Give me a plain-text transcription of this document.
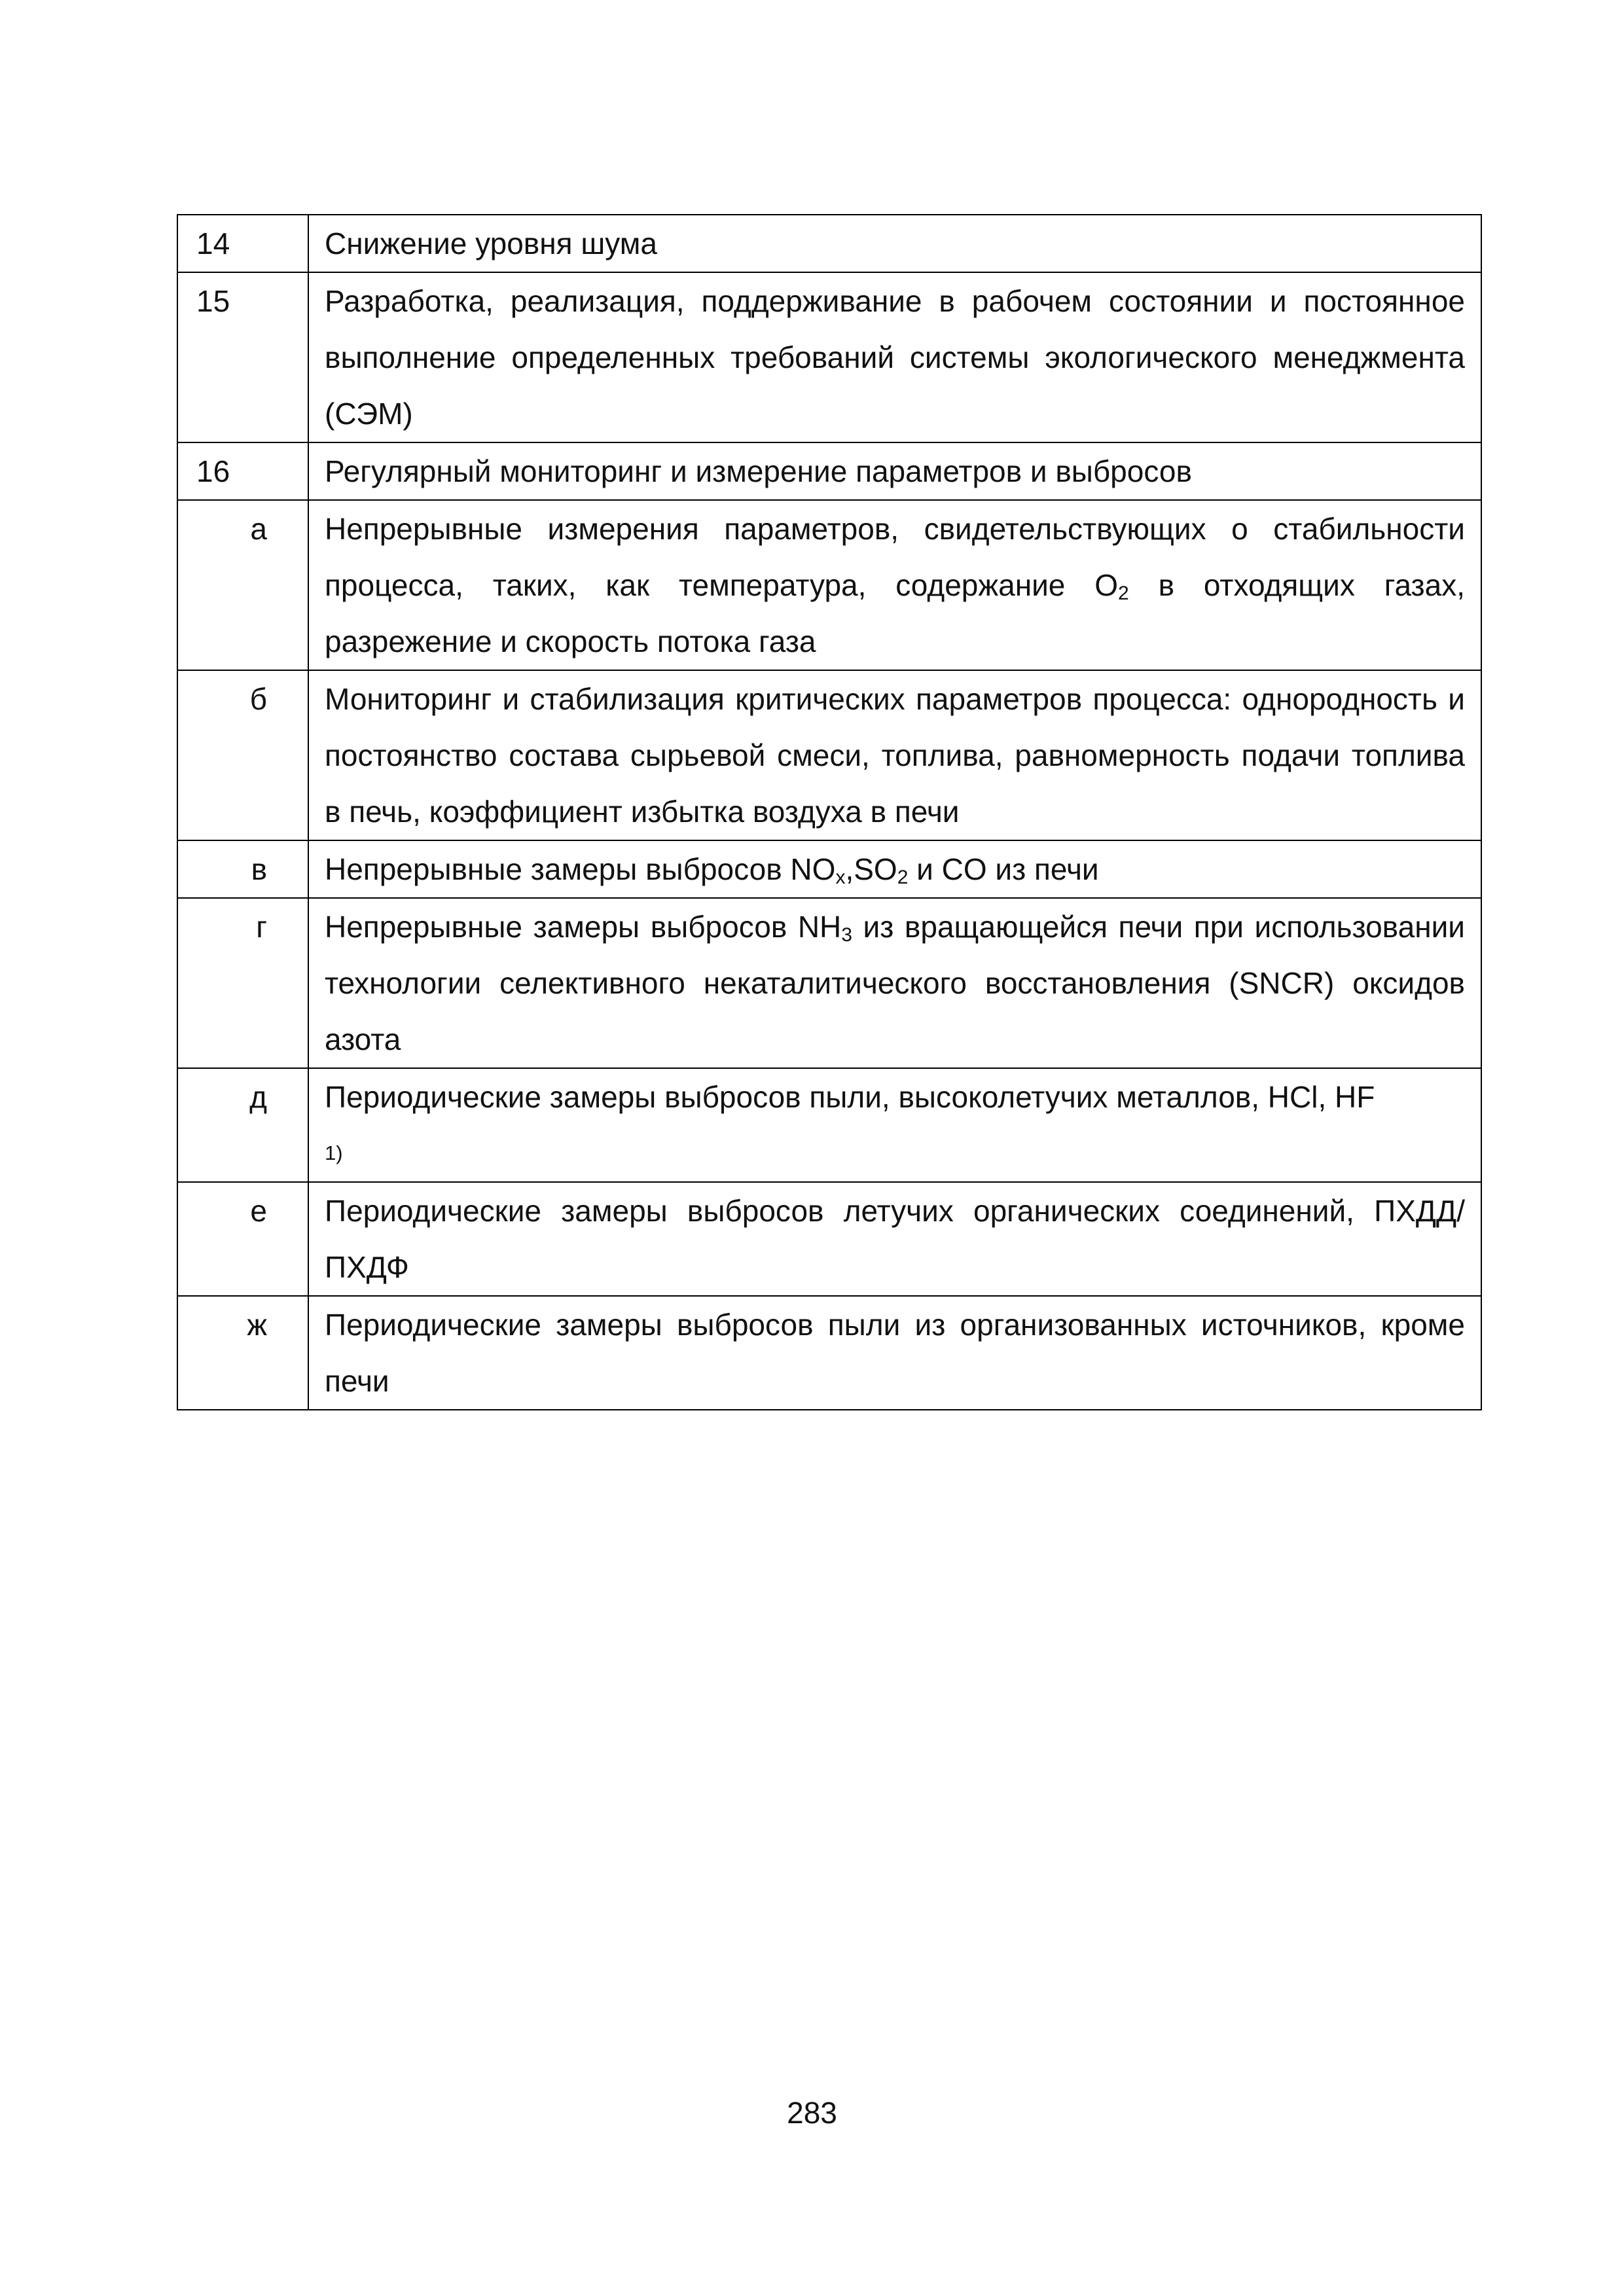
14	Снижение уровня шума
15	Разработка, реализация, поддерживание в рабочем состоянии и постоянное выполнение определенных требований системы экологического менеджмента (СЭМ)
16	Регулярный мониторинг и измерение параметров и выбросов
а	Непрерывные измерения параметров, свидетельствующих о стабильности процесса, таких, как температура, содержание $O_2$ в отходящих газах, разрежение и скорость потока газа
б	Мониторинг и стабилизация критических параметров процесса: однородность и постоянство состава сырьевой смеси, топлива, равномерность подачи топлива в печь, коэффициент избытка воздуха в печи
в	Непрерывные замеры выбросов $NO_x,SO_2$ и CO из печи
г	Непрерывные замеры выбросов $NH_3$ из вращающейся печи при использовании технологии селективного некаталитического восстановления (SNCR) оксидов азота
д	Периодические замеры выбросов пыли, высоколетучих металлов, HCl, HF
1)

е	Периодические замеры выбросов летучих органических соединений, ПХДД/ПХДФ
ж	Периодические замеры выбросов пыли из организованных источников, кроме печи
283
